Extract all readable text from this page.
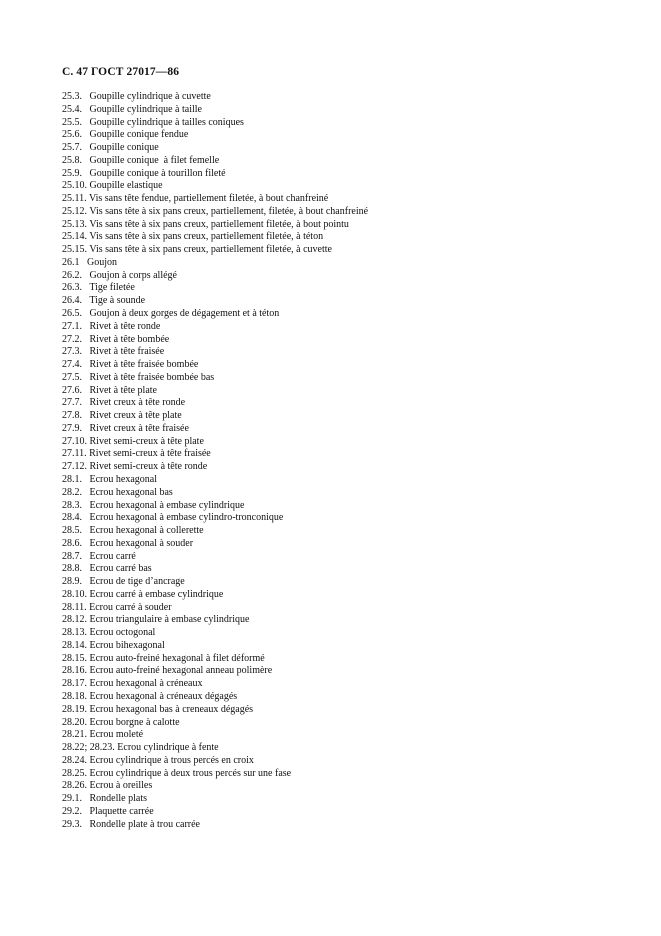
С. 47 ГОСТ 27017—86
25.3.   Goupille cylindrique à cuvette
25.4.   Goupille cylindrique à taille
25.5.   Goupille cylindrique à tailles coniques
25.6.   Goupille conique fendue
25.7.   Goupille conique
25.8.   Goupille conique  à filet femelle
25.9.   Goupille conique à tourillon fileté
25.10. Goupille elastique
25.11. Vis sans tête fendue, partiellement filetée, à bout chanfreiné
25.12. Vis sans tête à six pans creux, partiellement, filetée, à bout chanfreiné
25.13. Vis sans tête à six pans creux, partiellement filetée, à bout pointu
25.14. Vis sans tête à six pans creux, partiellement filetée, à téton
25.15. Vis sans tête à six pans creux, partiellement filetée, à cuvette
26.1   Goujon
26.2.   Goujon à corps allégé
26.3.   Tige filetée
26.4.   Tige à sounde
26.5.   Goujon à deux gorges de dégagement et à téton
27.1.   Rivet à tête ronde
27.2.   Rivet à tête bombée
27.3.   Rivet à tête fraisée
27.4.   Rivet à tête fraisée bombée
27.5.   Rivet à tête fraisée bombée bas
27.6.   Rivet à tête plate
27.7.   Rivet creux à tête ronde
27.8.   Rivet creux à tête plate
27.9.   Rivet creux à tête fraisée
27.10. Rivet semi-creux à tête plate
27.11. Rivet semi-creux à tête fraisée
27.12. Rivet semi-creux à tête ronde
28.1.   Ecrou hexagonal
28.2.   Ecrou hexagonal bas
28.3.   Ecrou hexagonal à embase cylindrique
28.4.   Ecrou hexagonal à embase cylindro-tronconique
28.5.   Ecrou hexagonal à collerette
28.6.   Ecrou hexagonal à souder
28.7.   Ecrou carré
28.8.   Ecrou carré bas
28.9.   Ecrou de tige d’ancrage
28.10. Ecrou carré à embase cylindrique
28.11. Ecrou carré à souder
28.12. Ecrou triangulaire à embase cylindrique
28.13. Ecrou octogonal
28.14. Ecrou bihexagonal
28.15. Ecrou auto-freiné hexagonal à filet déformé
28.16. Ecrou auto-freiné hexagonal anneau polimère
28.17. Ecrou hexagonal à créneaux
28.18. Ecrou hexagonal à créneaux dégagés
28.19. Ecrou hexagonal bas à creneaux dégagés
28.20. Ecrou borgne à calotte
28.21. Ecrou moleté
28.22; 28.23. Ecrou cylindrique à fente
28.24. Ecrou cylindrique à trous percés en croix
28.25. Ecrou cylindrique à deux trous percés sur une fase
28.26. Ecrou à oreilles
29.1.   Rondelle plats
29.2.   Plaquette carrée
29.3.   Rondelle plate à trou carrée
